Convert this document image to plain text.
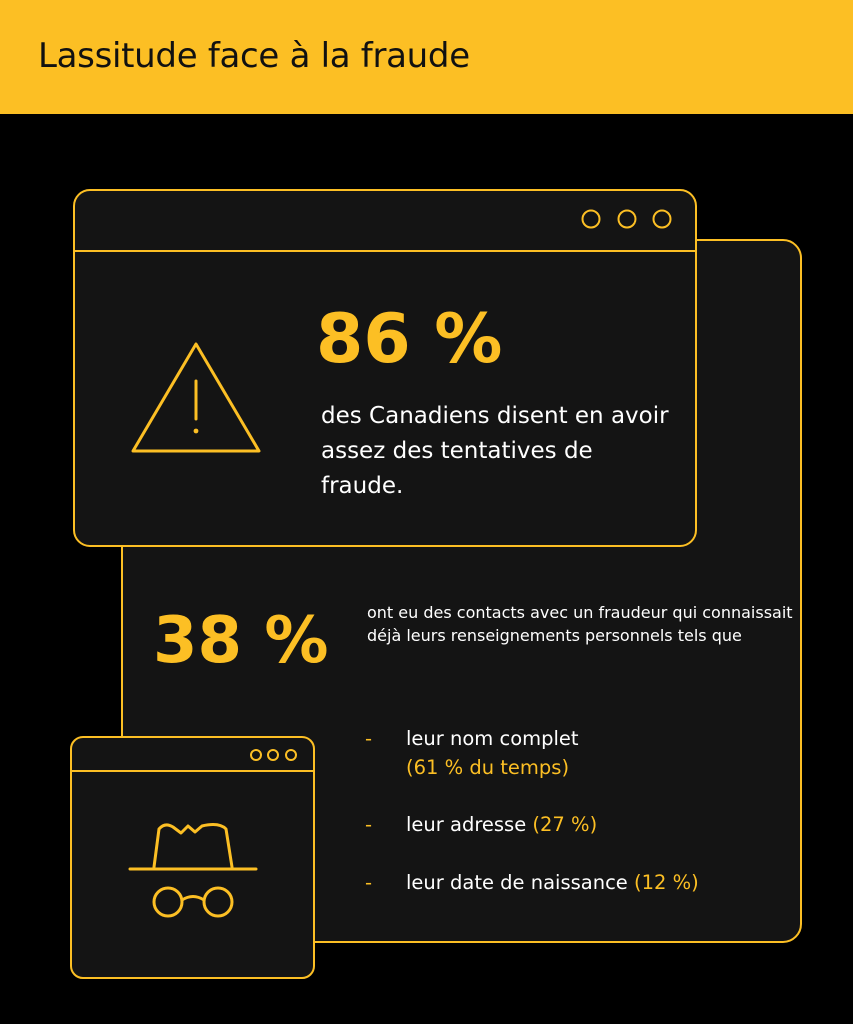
Lassitude face à la fraude
86 %
des Canadiens disent en avoir assez des tentatives de fraude.
38 % ont eu des contacts avec un fraudeur qui connaissait déjà leurs renseignements personnels tels que
- leur nom complet
(61 % du temps)
- leur adresse (27 %)
- leur date de naissance (12 %)
